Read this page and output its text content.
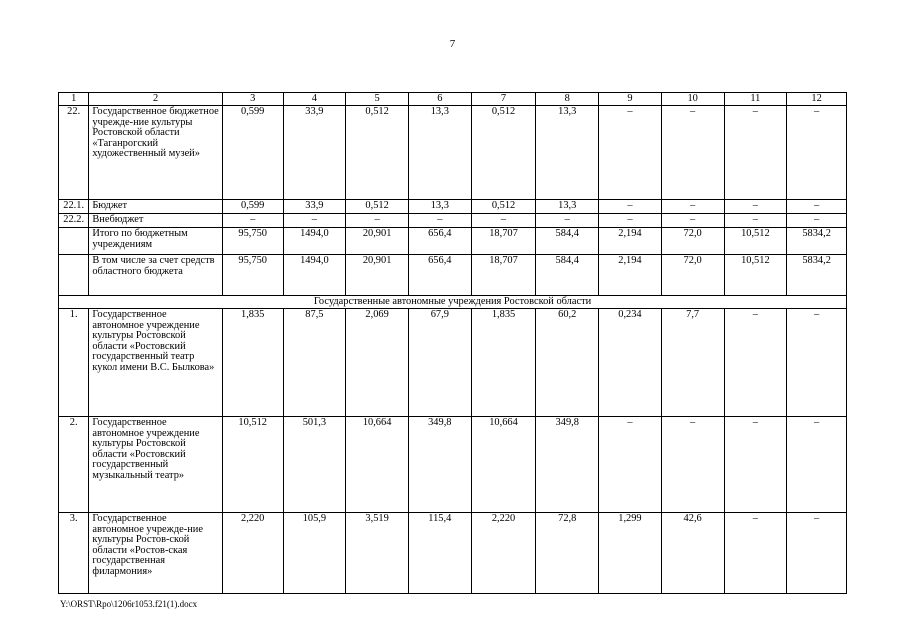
7
1	2	3	4	5	6	7	8	9	10	11	12
22.	Государственное бюджетное учрежде-ние культуры Ростовской области «Таганрогский художественный музей»	0,599	33,9	0,512	13,3	0,512	13,3	–	–	–	–
22.1.	Бюджет	0,599	33,9	0,512	13,3	0,512	13,3	–	–	–	–
22.2.	Внебюджет	–	–	–	–	–	–	–	–	–	–
	Итого по бюджетным учреждениям	95,750	1494,0	20,901	656,4	18,707	584,4	2,194	72,0	10,512	5834,2
	В том числе за счет средств областного бюджета	95,750	1494,0	20,901	656,4	18,707	584,4	2,194	72,0	10,512	5834,2
Государственные автономные учреждения Ростовской области											
1.	Государственное автономное учреждение культуры Ростовской области «Ростовский государственный театр кукол имени В.С. Былкова»	1,835	87,5	2,069	67,9	1,835	60,2	0,234	7,7	–	–
2.	Государственное автономное учреждение культуры Ростовской области «Ростовский государственный музыкальный театр»	10,512	501,3	10,664	349,8	10,664	349,8	–	–	–	–
3.	Государственное автономное учрежде-ние культуры Ростов-ской области «Ростов-ская государственная филармония»	2,220	105,9	3,519	115,4	2,220	72,8	1,299	42,6	–	–
Y:\ORST\Rpo\1206r1053.f21(1).docx
